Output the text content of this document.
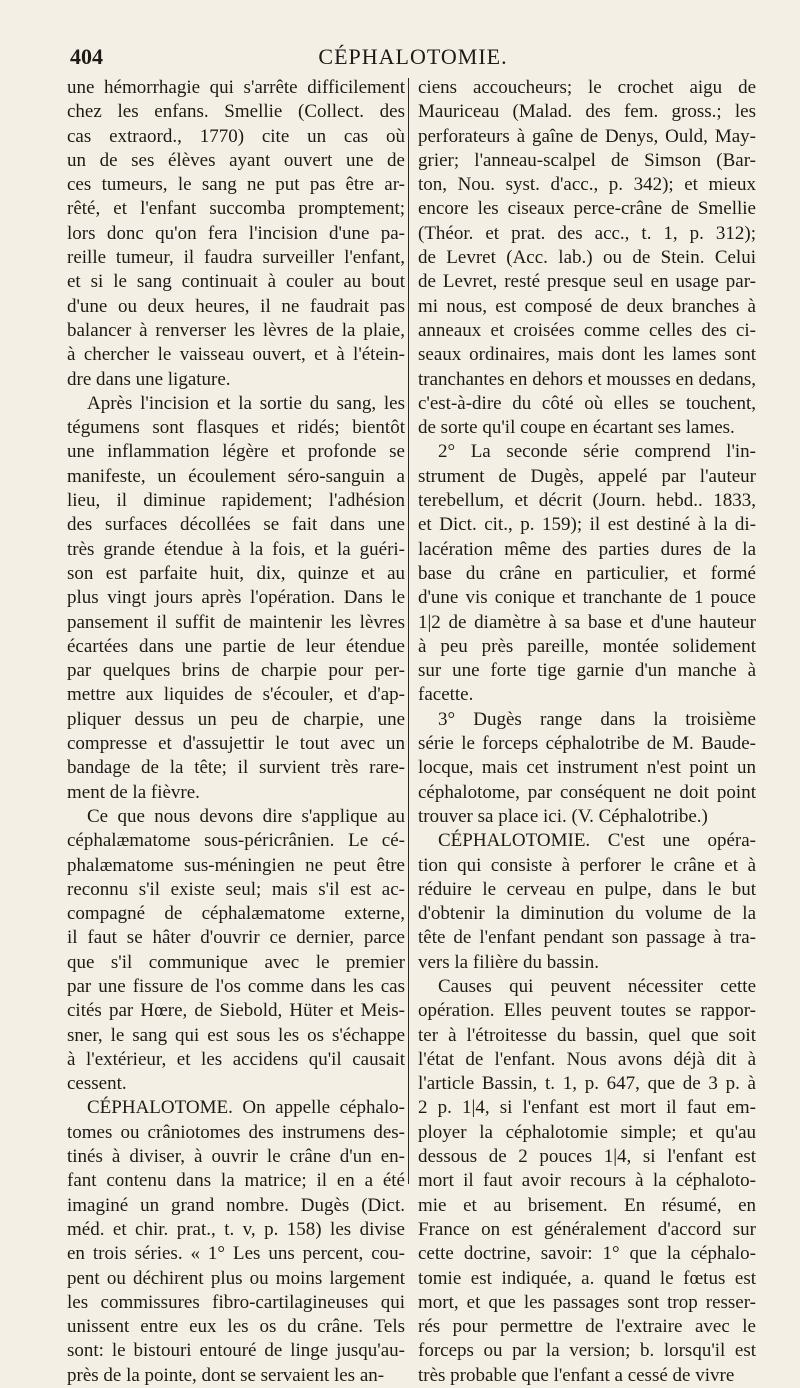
404	CÉPHALOTOMIE.
une hémorrhagie qui s'arrête difficilement
chez les enfans. Smellie (Collect. des
cas extraord., 1770) cite un cas où
un de ses élèves ayant ouvert une de
ces tumeurs, le sang ne put pas être ar-
rêté, et l'enfant succomba promptement;
lors donc qu'on fera l'incision d'une pa-
reille tumeur, il faudra surveiller l'enfant,
et si le sang continuait à couler au bout
d'une ou deux heures, il ne faudrait pas
balancer à renverser les lèvres de la plaie,
à chercher le vaisseau ouvert, et à l'étein-
dre dans une ligature.
Après l'incision et la sortie du sang, les
tégumens sont flasques et ridés; bientôt
une inflammation légère et profonde se
manifeste, un écoulement séro-sanguin a
lieu, il diminue rapidement; l'adhésion
des surfaces décollées se fait dans une
très grande étendue à la fois, et la guéri-
son est parfaite huit, dix, quinze et au
plus vingt jours après l'opération. Dans le
pansement il suffit de maintenir les lèvres
écartées dans une partie de leur étendue
par quelques brins de charpie pour per-
mettre aux liquides de s'écouler, et d'ap-
pliquer dessus un peu de charpie, une
compresse et d'assujettir le tout avec un
bandage de la tête; il survient très rare-
ment de la fièvre.
Ce que nous devons dire s'applique au
céphalæmatome sous-péricrânien. Le cé-
phalæmatome sus-méningien ne peut être
reconnu s'il existe seul; mais s'il est ac-
compagné de céphalæmatome externe,
il faut se hâter d'ouvrir ce dernier, parce
que s'il communique avec le premier
par une fissure de l'os comme dans les cas
cités par Hœre, de Siebold, Hüter et Meis-
sner, le sang qui est sous les os s'échappe
à l'extérieur, et les accidens qu'il causait
cessent.
CÉPHALOTOME. On appelle céphalo-
tomes ou crâniotomes des instrumens des-
tinés à diviser, à ouvrir le crâne d'un en-
fant contenu dans la matrice; il en a été
imaginé un grand nombre. Dugès (Dict.
méd. et chir. prat., t. v, p. 158) les divise
en trois séries. « 1° Les uns percent, cou-
pent ou déchirent plus ou moins largement
les commissures fibro-cartilagineuses qui
unissent entre eux les os du crâne. Tels
sont: le bistouri entouré de linge jusqu'au-
près de la pointe, dont se servaient les an-
ciens accoucheurs; le crochet aigu de
Mauriceau (Malad. des fem. gross.; les
perforateurs à gaîne de Denys, Ould, May-
grier; l'anneau-scalpel de Simson (Bar-
ton, Nou. syst. d'acc., p. 342); et mieux
encore les ciseaux perce-crâne de Smellie
(Théor. et prat. des acc., t. 1, p. 312);
de Levret (Acc. lab.) ou de Stein. Celui
de Levret, resté presque seul en usage par-
mi nous, est composé de deux branches à
anneaux et croisées comme celles des ci-
seaux ordinaires, mais dont les lames sont
tranchantes en dehors et mousses en dedans,
c'est-à-dire du côté où elles se touchent,
de sorte qu'il coupe en écartant ses lames.
2° La seconde série comprend l'in-
strument de Dugès, appelé par l'auteur
terebellum, et décrit (Journ. hebd.. 1833,
et Dict. cit., p. 159); il est destiné à la di-
lacération même des parties dures de la
base du crâne en particulier, et formé
d'une vis conique et tranchante de 1 pouce
1|2 de diamètre à sa base et d'une hauteur
à peu près pareille, montée solidement
sur une forte tige garnie d'un manche à
facette.
3° Dugès range dans la troisième
série le forceps céphalotribe de M. Baude-
locque, mais cet instrument n'est point un
céphalotome, par conséquent ne doit point
trouver sa place ici. (V. Céphalotribe.)
CÉPHALOTOMIE. C'est une opéra-
tion qui consiste à perforer le crâne et à
réduire le cerveau en pulpe, dans le but
d'obtenir la diminution du volume de la
tête de l'enfant pendant son passage à tra-
vers la filière du bassin.
Causes qui peuvent nécessiter cette
opération. Elles peuvent toutes se rappor-
ter à l'étroitesse du bassin, quel que soit
l'état de l'enfant. Nous avons déjà dit à
l'article Bassin, t. 1, p. 647, que de 3 p. à
2 p. 1|4, si l'enfant est mort il faut em-
ployer la céphalotomie simple; et qu'au
dessous de 2 pouces 1|4, si l'enfant est
mort il faut avoir recours à la céphaloto-
mie et au brisement. En résumé, en
France on est généralement d'accord sur
cette doctrine, savoir: 1° que la céphalo-
tomie est indiquée, a. quand le fœtus est
mort, et que les passages sont trop resser-
rés pour permettre de l'extraire avec le
forceps ou par la version; b. lorsqu'il est
très probable que l'enfant a cessé de vivre
